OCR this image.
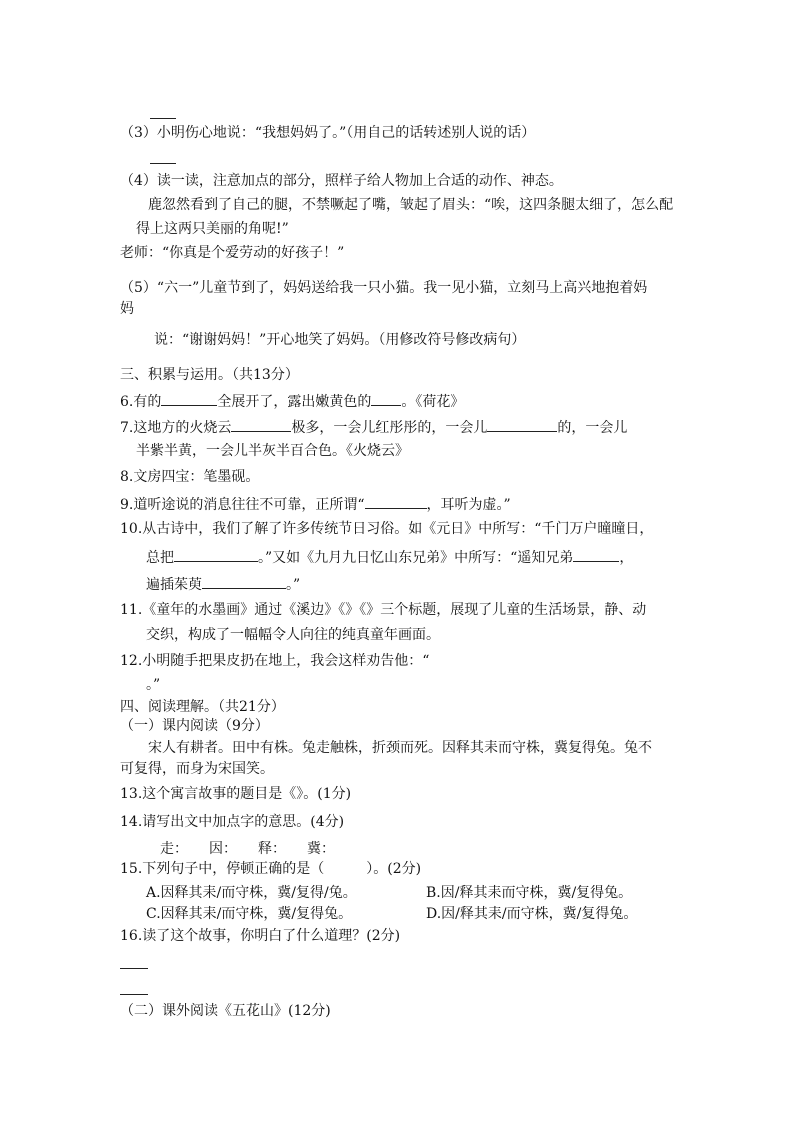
（3）小明伤心地说：“我想妈妈了。”（用自己的话转述别人说的话）
（4）读一读，注意加点的部分，照样子给人物加上合适的动作、神态。
鹿忽然看到了自己的腿，不禁噘起了嘴，皱起了眉头：“唉，这四条腿太细了，怎么配
得上这两只美丽的角呢!”
老师：“你真是个爱劳动的好孩子！”
（5）“六一”儿童节到了，妈妈送给我一只小猫。我一见小猫，立刻马上高兴地抱着妈
妈
说：“谢谢妈妈！”开心地笑了妈妈。（用修改符号修改病句）
三、积累与运用。（共13分）
6.有的	全展开了，露出嫩黄色的 。《荷花》
7.这地方的火烧云	极多，一会儿红彤彤的，一会儿	的，一会儿
半紫半黄，一会儿半灰半百合色。《火烧云》
8.文房四宝：笔墨砚。
9.道听途说的消息往往不可靠，正所谓“	，耳听为虚。”
10.从古诗中，我们了解了许多传统节日习俗。如《元日》中所写：“千门万户曈曈日，
总把	。”又如《九月九日忆山东兄弟》中所写：“遥知兄弟	，
遍插茱萸	。”
11.《童年的水墨画》通过《溪边》《》《》三个标题，展现了儿童的生活场景，静、动
交织，构成了一幅幅令人向往的纯真童年画面。
12.小明随手把果皮扔在地上，我会这样劝告他：“
。”
四、阅读理解。（共21分）
（一）课内阅读（9分）
宋人有耕者。田中有株。兔走触株，折颈而死。因释其耒而守株，冀复得兔。兔不
可复得，而身为宋国笑。
13.这个寓言故事的题目是《》。(1分)
14.请写出文中加点字的意思。(4分)
走：　　因：　　释：　　冀：
15.下列句子中，停顿正确的是（　　　）。(2分)
A.因释其耒/而守株，冀/复得/兔。	B.因/释其耒而守株，冀/复得兔。
C.因释其耒/而守株，冀/复得兔。	D.因/释其耒/而守株，冀/复得兔。
16.读了这个故事，你明白了什么道理？(2分)
（二）课外阅读《五花山》(12分)
